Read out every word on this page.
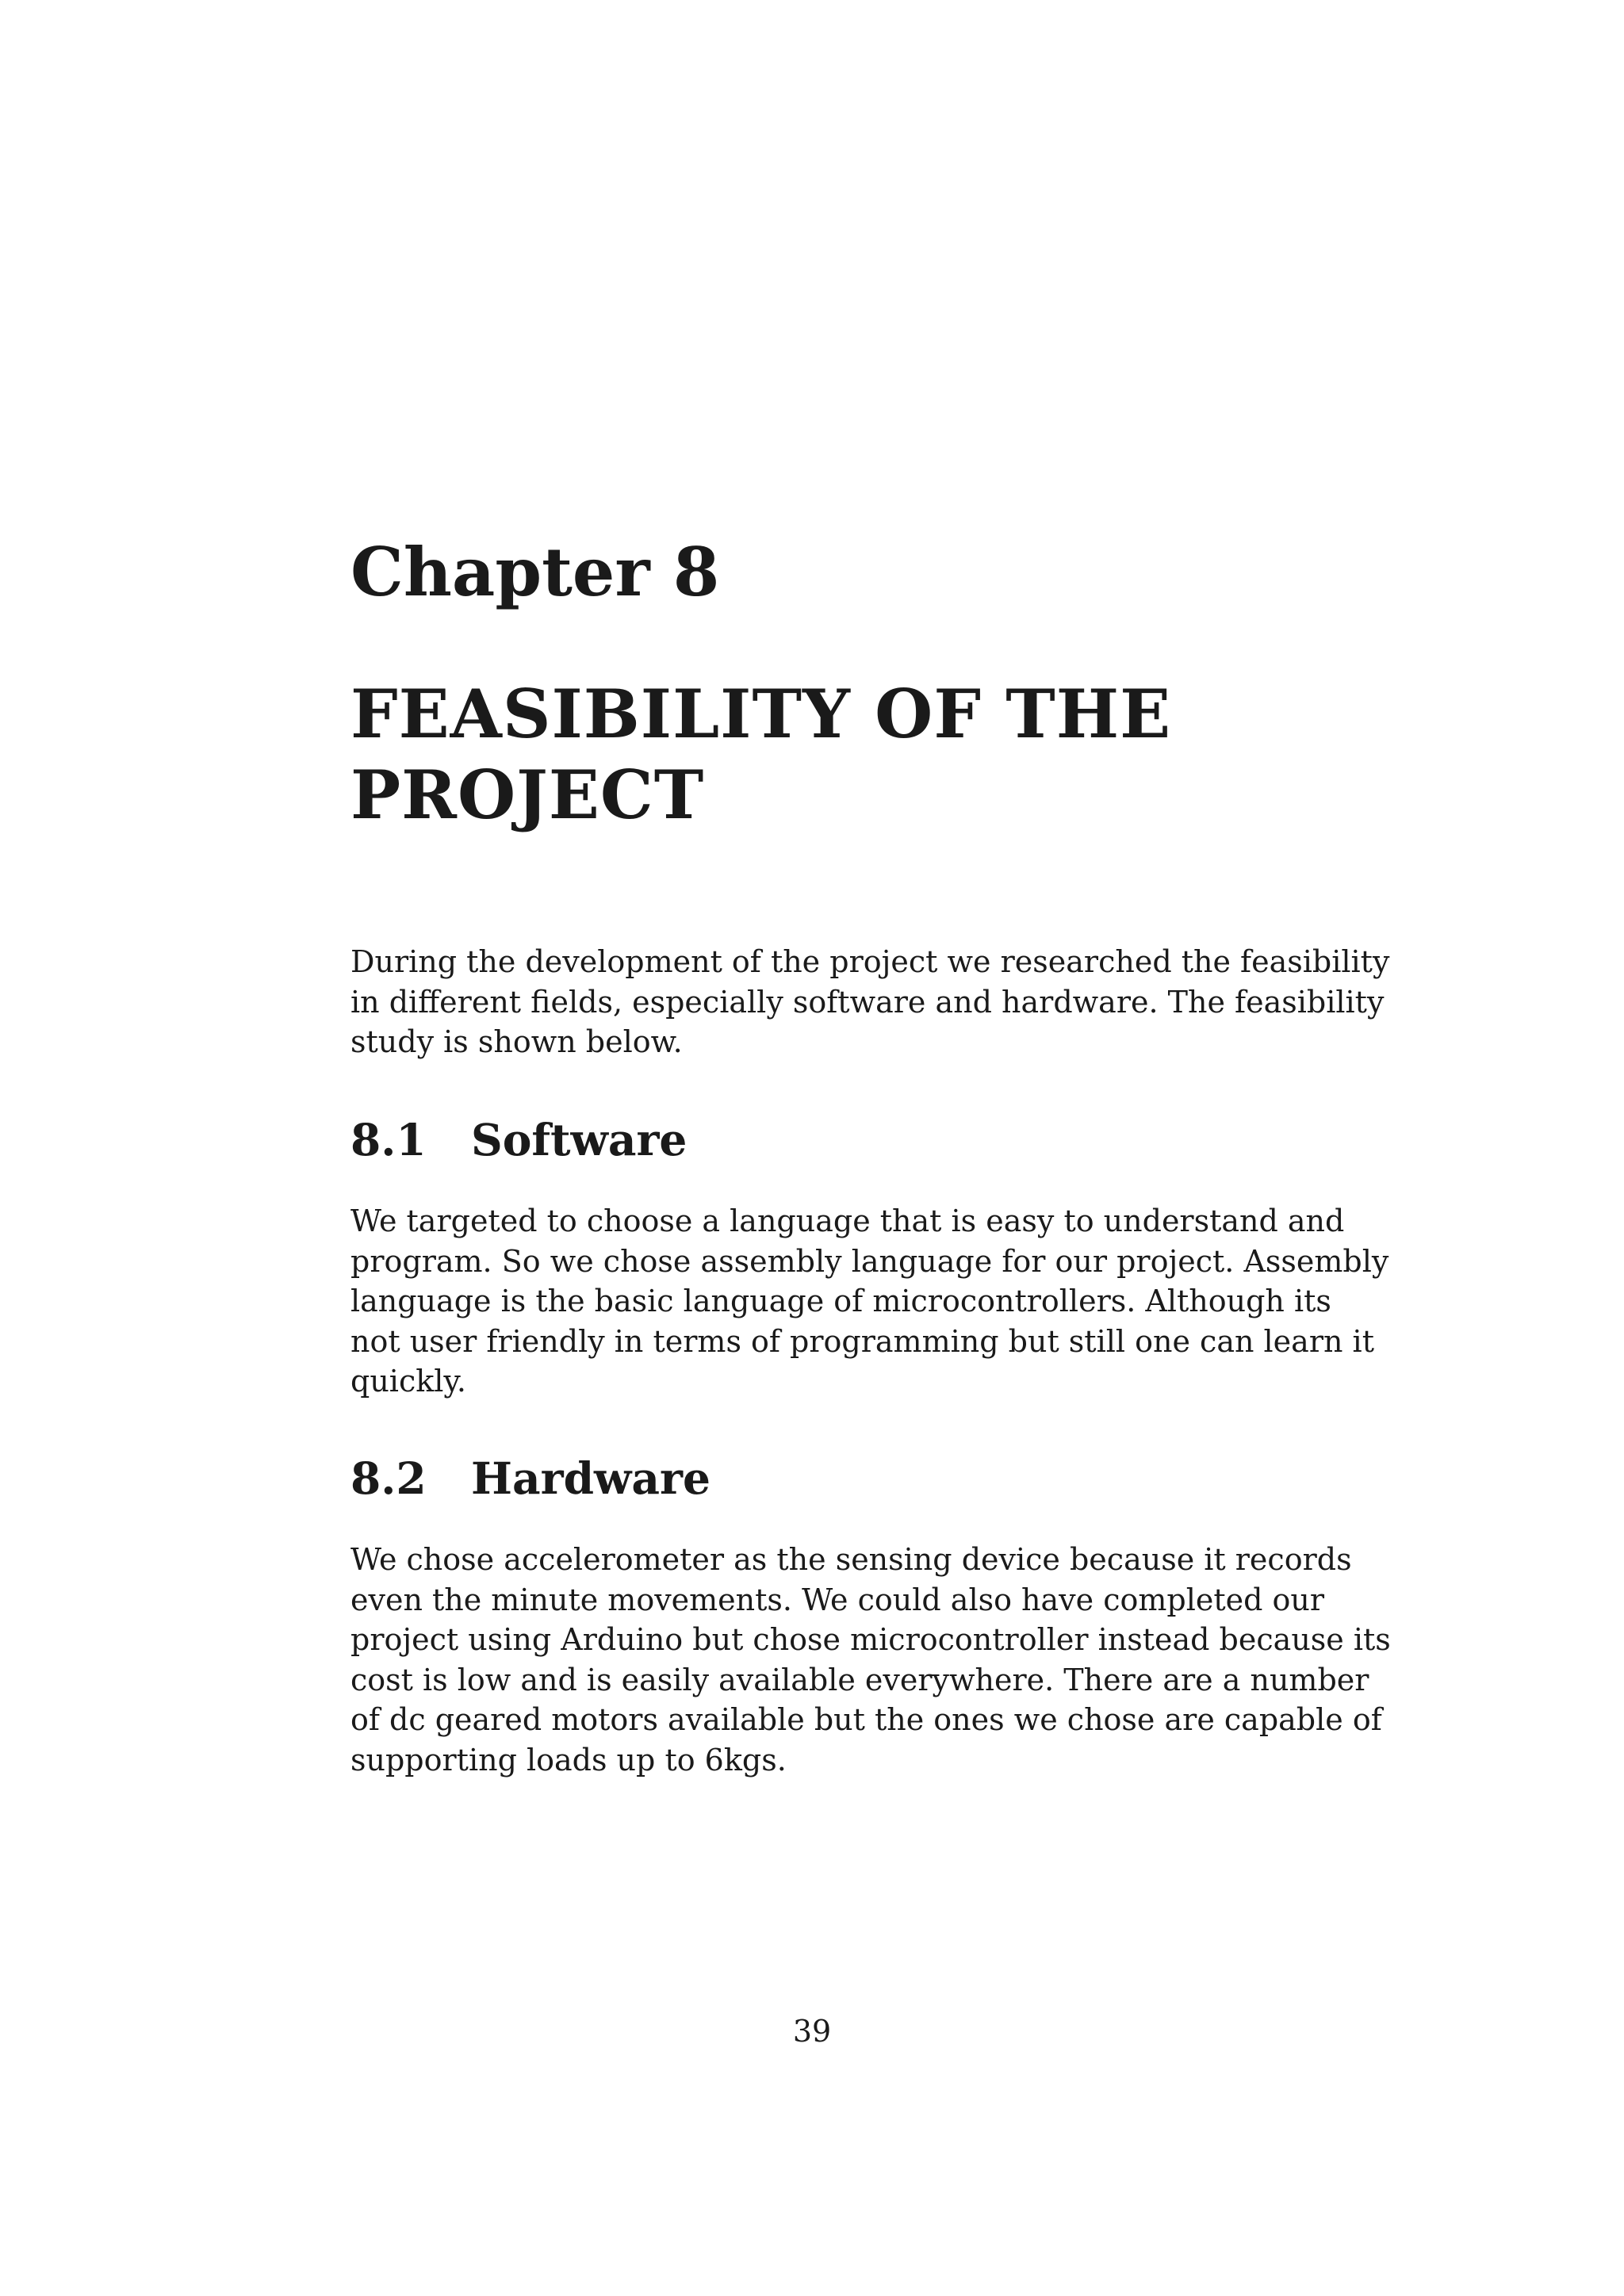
Chapter 8
FEASIBILITY OF THE
PROJECT

During the development of the project we researched the feasibility
in different fields, especially software and hardware. The feasibility
study is shown below.

8.1 Software

We targeted to choose a language that is easy to understand and
program. So we chose assembly language for our project. Assembly
language is the basic language of microcontrollers. Although its
not user friendly in terms of programming but still one can learn it
quickly.

8.2 Hardware

We chose accelerometer as the sensing device because it records
even the minute movements. We could also have completed our
project using Arduino but chose microcontroller instead because its
cost is low and is easily available everywhere. There are a number
of dc geared motors available but the ones we chose are capable of
supporting loads up to 6kgs.

39
